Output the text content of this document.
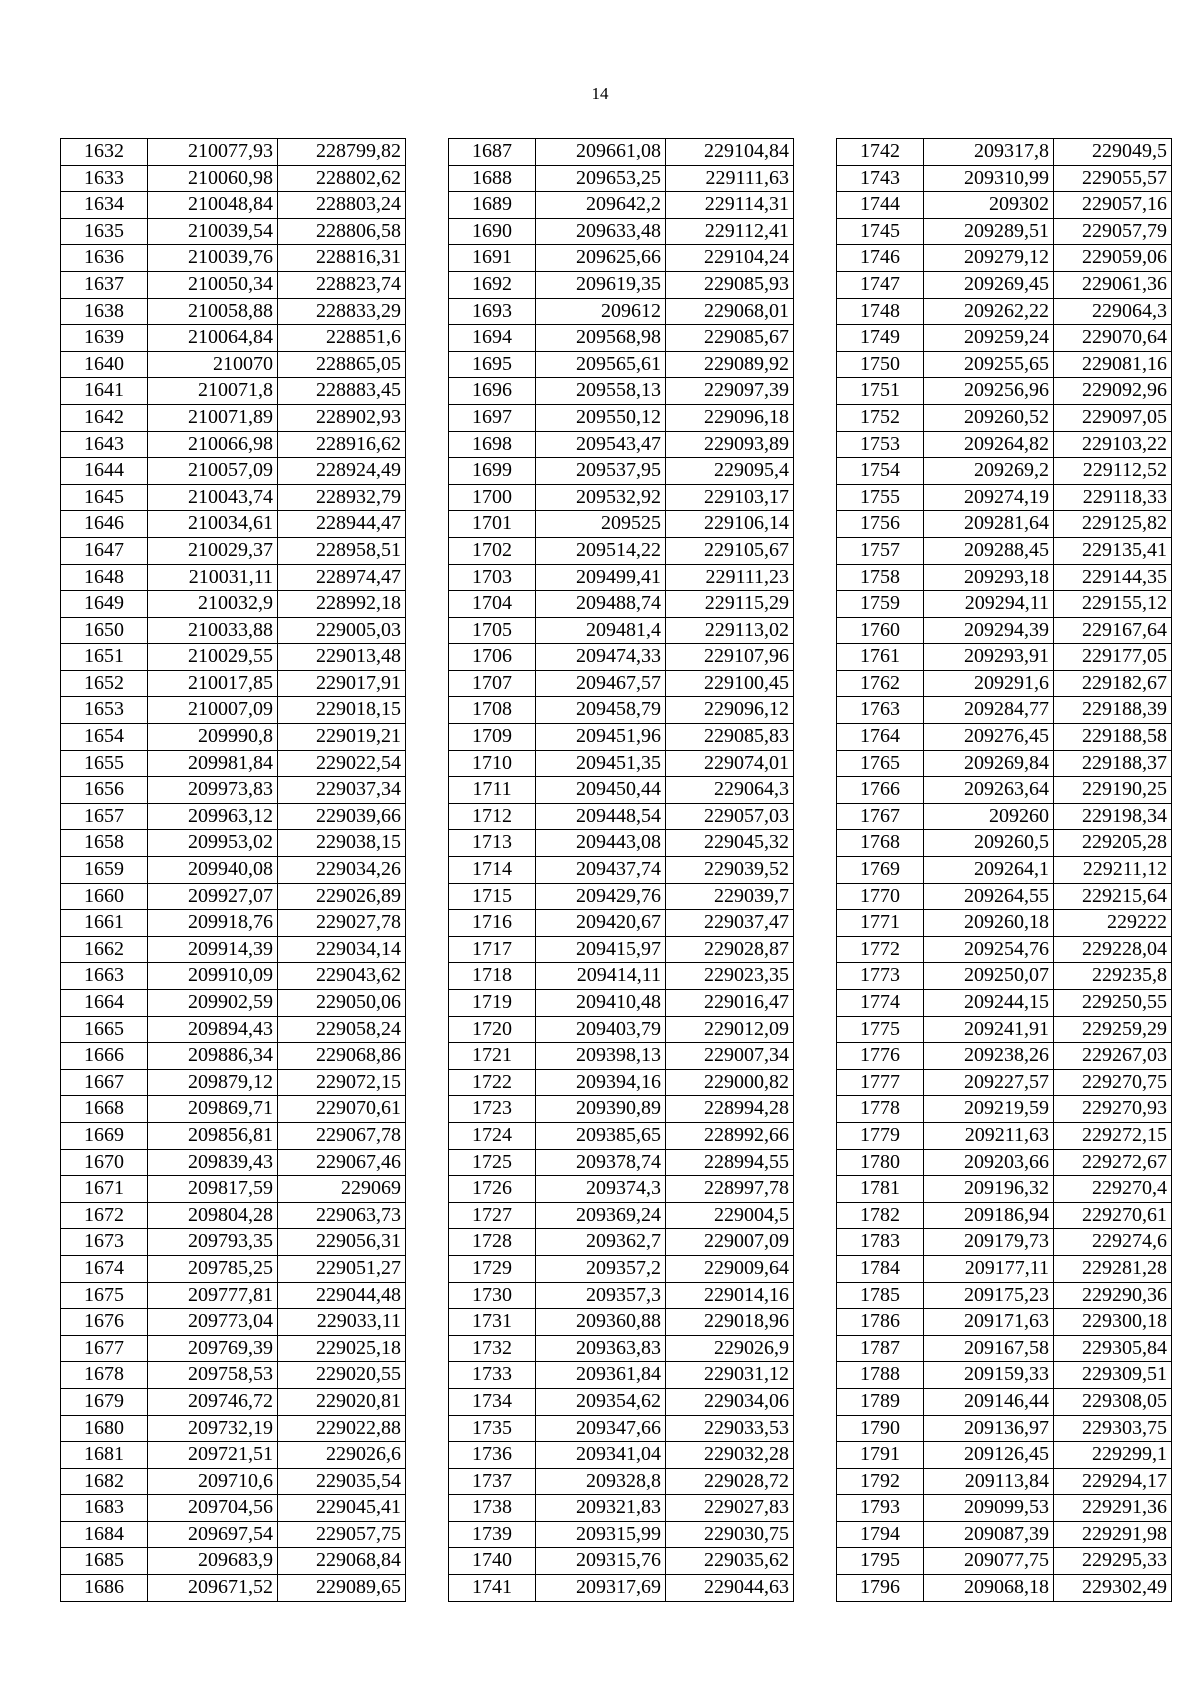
14
1632	210077,93	228799,82
1633	210060,98	228802,62
1634	210048,84	228803,24
1635	210039,54	228806,58
1636	210039,76	228816,31
1637	210050,34	228823,74
1638	210058,88	228833,29
1639	210064,84	228851,6
1640	210070	228865,05
1641	210071,8	228883,45
1642	210071,89	228902,93
1643	210066,98	228916,62
1644	210057,09	228924,49
1645	210043,74	228932,79
1646	210034,61	228944,47
1647	210029,37	228958,51
1648	210031,11	228974,47
1649	210032,9	228992,18
1650	210033,88	229005,03
1651	210029,55	229013,48
1652	210017,85	229017,91
1653	210007,09	229018,15
1654	209990,8	229019,21
1655	209981,84	229022,54
1656	209973,83	229037,34
1657	209963,12	229039,66
1658	209953,02	229038,15
1659	209940,08	229034,26
1660	209927,07	229026,89
1661	209918,76	229027,78
1662	209914,39	229034,14
1663	209910,09	229043,62
1664	209902,59	229050,06
1665	209894,43	229058,24
1666	209886,34	229068,86
1667	209879,12	229072,15
1668	209869,71	229070,61
1669	209856,81	229067,78
1670	209839,43	229067,46
1671	209817,59	229069
1672	209804,28	229063,73
1673	209793,35	229056,31
1674	209785,25	229051,27
1675	209777,81	229044,48
1676	209773,04	229033,11
1677	209769,39	229025,18
1678	209758,53	229020,55
1679	209746,72	229020,81
1680	209732,19	229022,88
1681	209721,51	229026,6
1682	209710,6	229035,54
1683	209704,56	229045,41
1684	209697,54	229057,75
1685	209683,9	229068,84
1686	209671,52	229089,65
1687	209661,08	229104,84
1688	209653,25	229111,63
1689	209642,2	229114,31
1690	209633,48	229112,41
1691	209625,66	229104,24
1692	209619,35	229085,93
1693	209612	229068,01
1694	209568,98	229085,67
1695	209565,61	229089,92
1696	209558,13	229097,39
1697	209550,12	229096,18
1698	209543,47	229093,89
1699	209537,95	229095,4
1700	209532,92	229103,17
1701	209525	229106,14
1702	209514,22	229105,67
1703	209499,41	229111,23
1704	209488,74	229115,29
1705	209481,4	229113,02
1706	209474,33	229107,96
1707	209467,57	229100,45
1708	209458,79	229096,12
1709	209451,96	229085,83
1710	209451,35	229074,01
1711	209450,44	229064,3
1712	209448,54	229057,03
1713	209443,08	229045,32
1714	209437,74	229039,52
1715	209429,76	229039,7
1716	209420,67	229037,47
1717	209415,97	229028,87
1718	209414,11	229023,35
1719	209410,48	229016,47
1720	209403,79	229012,09
1721	209398,13	229007,34
1722	209394,16	229000,82
1723	209390,89	228994,28
1724	209385,65	228992,66
1725	209378,74	228994,55
1726	209374,3	228997,78
1727	209369,24	229004,5
1728	209362,7	229007,09
1729	209357,2	229009,64
1730	209357,3	229014,16
1731	209360,88	229018,96
1732	209363,83	229026,9
1733	209361,84	229031,12
1734	209354,62	229034,06
1735	209347,66	229033,53
1736	209341,04	229032,28
1737	209328,8	229028,72
1738	209321,83	229027,83
1739	209315,99	229030,75
1740	209315,76	229035,62
1741	209317,69	229044,63
1742	209317,8	229049,5
1743	209310,99	229055,57
1744	209302	229057,16
1745	209289,51	229057,79
1746	209279,12	229059,06
1747	209269,45	229061,36
1748	209262,22	229064,3
1749	209259,24	229070,64
1750	209255,65	229081,16
1751	209256,96	229092,96
1752	209260,52	229097,05
1753	209264,82	229103,22
1754	209269,2	229112,52
1755	209274,19	229118,33
1756	209281,64	229125,82
1757	209288,45	229135,41
1758	209293,18	229144,35
1759	209294,11	229155,12
1760	209294,39	229167,64
1761	209293,91	229177,05
1762	209291,6	229182,67
1763	209284,77	229188,39
1764	209276,45	229188,58
1765	209269,84	229188,37
1766	209263,64	229190,25
1767	209260	229198,34
1768	209260,5	229205,28
1769	209264,1	229211,12
1770	209264,55	229215,64
1771	209260,18	229222
1772	209254,76	229228,04
1773	209250,07	229235,8
1774	209244,15	229250,55
1775	209241,91	229259,29
1776	209238,26	229267,03
1777	209227,57	229270,75
1778	209219,59	229270,93
1779	209211,63	229272,15
1780	209203,66	229272,67
1781	209196,32	229270,4
1782	209186,94	229270,61
1783	209179,73	229274,6
1784	209177,11	229281,28
1785	209175,23	229290,36
1786	209171,63	229300,18
1787	209167,58	229305,84
1788	209159,33	229309,51
1789	209146,44	229308,05
1790	209136,97	229303,75
1791	209126,45	229299,1
1792	209113,84	229294,17
1793	209099,53	229291,36
1794	209087,39	229291,98
1795	209077,75	229295,33
1796	209068,18	229302,49
